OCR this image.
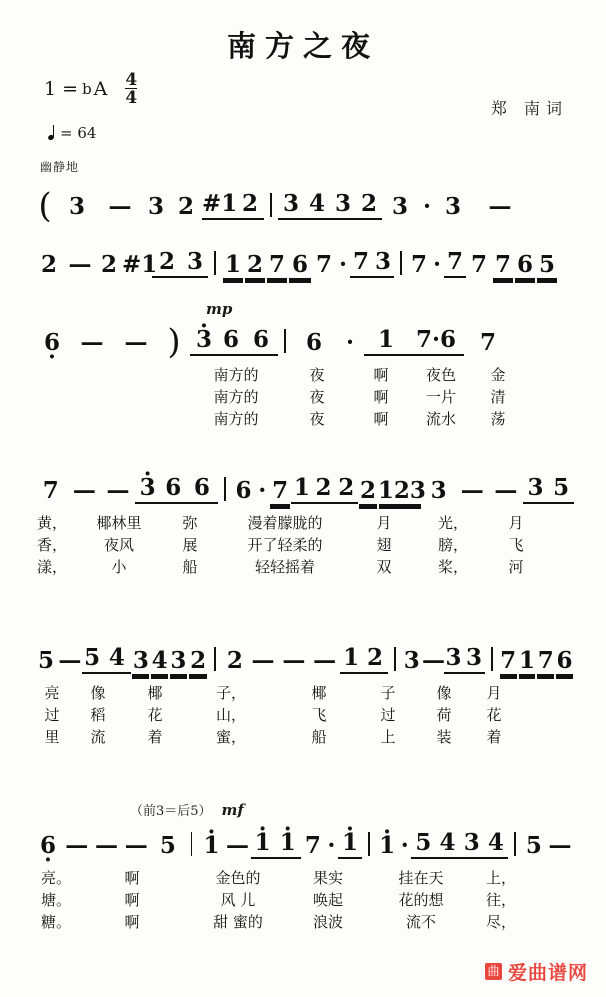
南方之夜
1 = b A $\frac{4}{4}$
郑 南词
= 64
幽静地
( 3	— 3 2 #1 2 3 4 3 2 3 · 3	—
2 — 2 #1 2 3 1 2 7 6 7 · 7 3 7 · 7 7 7 6 5
mp
6 · — — ) 3 · 6 6	6	·	1 7·6	7
南方的	夜	啊	夜色	金
南方的	夜	啊	一片	清
南方的	夜	啊	流水	荡
7 — — 3 · 6 6	6 · 7 1 2 2 2 123 3 — — 3 5
黄，	椰林里	弥	漫着朦胧的	月	光，	月
香，	夜风	展	开了轻柔的	翅	膀，	飞
漾，	小	船	轻轻摇着	双	桨，	河
5 — 5 4 3 4 3 2 2 — — — 1 2 3 — 3 3 7 1 7 6
亮	像	椰	子，	椰	子	像	月
过	稻	花	山，	飞	过	荷	花
里	流	着	蜜，	船	上	装	着
（前3＝后5） mf
6 · — — — 5	1 · — 1 · 1 · 7 · 1 · 1 · · 5 4 3 4 5 —
亮。	啊	金色的	果实	挂在天	上，
塘。	啊	风 儿	唤起	花的想	往，
糖。	啊	甜 蜜的	浪波	流不	尽，
曲 爱曲谱网
